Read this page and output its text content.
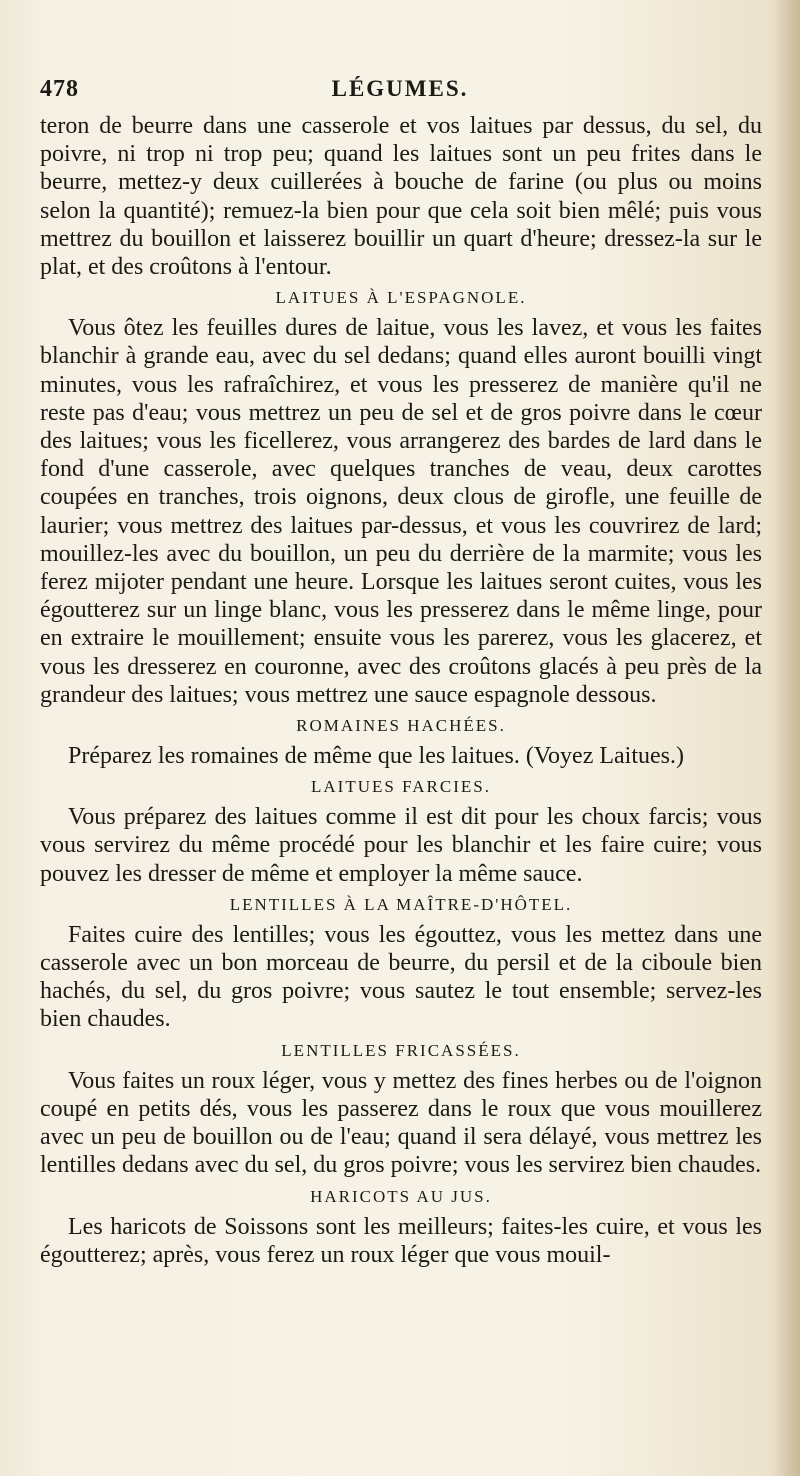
LÉGUMES.
478

teron de beurre dans une casserole et vos laitues par dessus, du sel, du poivre, ni trop ni trop peu; quand les laitues sont un peu frites dans le beurre, mettez-y deux cuillerées à bouche de farine (ou plus ou moins selon la quantité); remuez-la bien pour que cela soit bien mêlé; puis vous mettrez du bouillon et laisserez bouillir un quart d'heure; dressez-la sur le plat, et des croûtons à l'entour.

LAITUES À L'ESPAGNOLE.

Vous ôtez les feuilles dures de laitue, vous les lavez, et vous les faites blanchir à grande eau, avec du sel dedans; quand elles auront bouilli vingt minutes, vous les rafraîchirez, et vous les presserez de manière qu'il ne reste pas d'eau; vous mettrez un peu de sel et de gros poivre dans le cœur des laitues; vous les ficellerez, vous arrangerez des bardes de lard dans le fond d'une casserole, avec quelques tranches de veau, deux carottes coupées en tranches, trois oignons, deux clous de girofle, une feuille de laurier; vous mettrez des laitues par-dessus, et vous les couvrirez de lard; mouillez-les avec du bouillon, un peu du derrière de la marmite; vous les ferez mijoter pendant une heure. Lorsque les laitues seront cuites, vous les égoutterez sur un linge blanc, vous les presserez dans le même linge, pour en extraire le mouillement; ensuite vous les parerez, vous les glacerez, et vous les dresserez en couronne, avec des croûtons glacés à peu près de la grandeur des laitues; vous mettrez une sauce espagnole dessous.

ROMAINES HACHÉES.

Préparez les romaines de même que les laitues. (Voyez Laitues.)

LAITUES FARCIES.

Vous préparez des laitues comme il est dit pour les choux farcis; vous vous servirez du même procédé pour les blanchir et les faire cuire; vous pouvez les dresser de même et employer la même sauce.

LENTILLES À LA MAÎTRE-D'HÔTEL.

Faites cuire des lentilles; vous les égouttez, vous les mettez dans une casserole avec un bon morceau de beurre, du persil et de la ciboule bien hachés, du sel, du gros poivre; vous sautez le tout ensemble; servez-les bien chaudes.

LENTILLES FRICASSÉES.

Vous faites un roux léger, vous y mettez des fines herbes ou de l'oignon coupé en petits dés, vous les passerez dans le roux que vous mouillerez avec un peu de bouillon ou de l'eau; quand il sera délayé, vous mettrez les lentilles dedans avec du sel, du gros poivre; vous les servirez bien chaudes.

HARICOTS AU JUS.

Les haricots de Soissons sont les meilleurs; faites-les cuire, et vous les égoutterez; après, vous ferez un roux léger que vous mouil-
